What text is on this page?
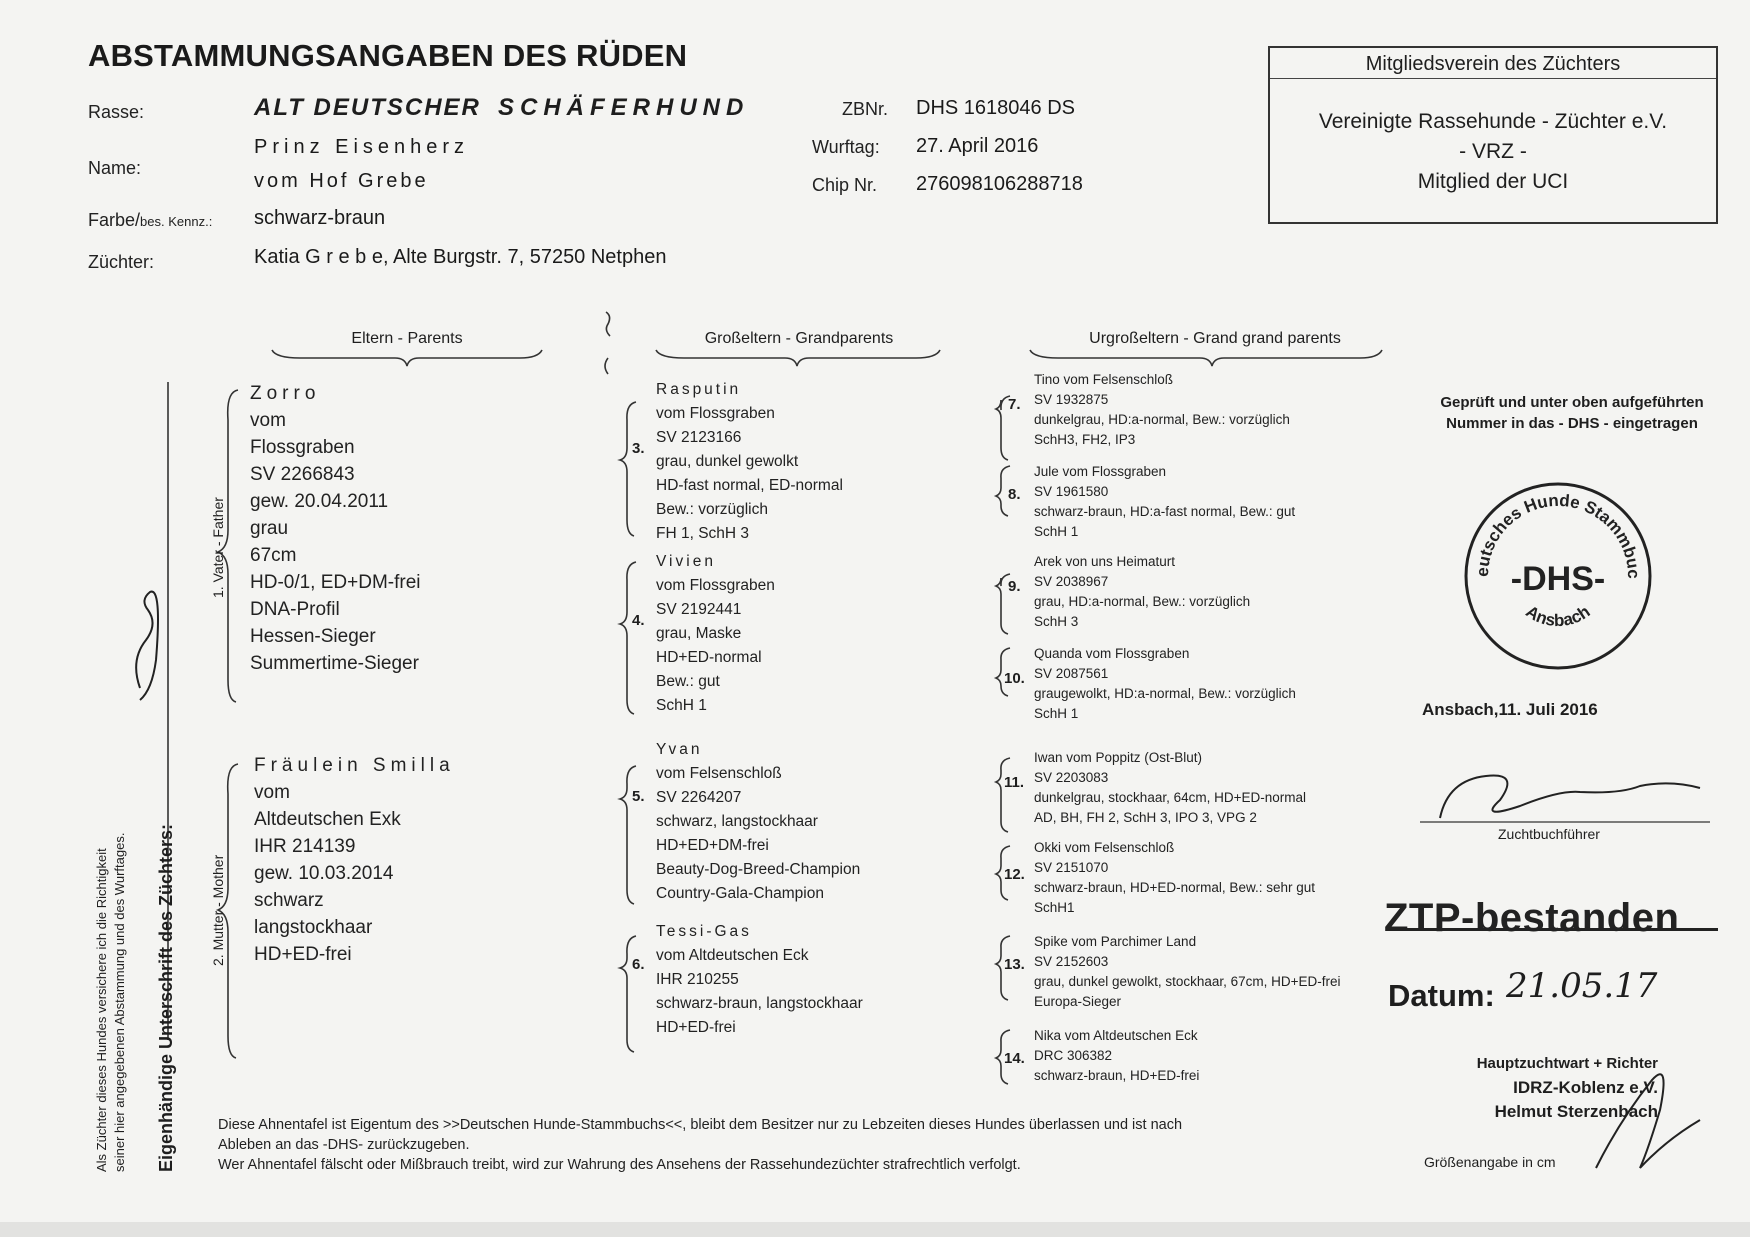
ABSTAMMUNGSANGABEN DES RÜDEN
Rasse:	ALT DEUTSCHER SCHÄFERHUND
Name:
Prinz Eisenherz
vom Hof Grebe
Farbe/bes. Kennz.: schwarz-braun
Züchter:	Katia G r e b e, Alte Burgstr. 7, 57250 Netphen
ZBNr. DHS 1618046 DS
Wurftag: 27. April 2016
Chip Nr. 276098106288718
Mitgliedsverein des Züchters
Vereinigte Rassehunde - Züchter e.V.
- VRZ -
Mitglied der UCI
Eltern - Parents	Großeltern - Grandparents	Urgroßeltern - Grand grand parents
1. Vater - Father
2. Mutter - Mother
Eigenhändige Unterschrift des Züchters:
Als Züchter dieses Hundes versichere ich die Richtigkeit seiner hier angegebenen Abstammung und des Wurftages.
Zorro
vom
Flossgraben
SV 2266843
gew. 20.04.2011
grau
67cm
HD-0/1, ED+DM-frei
DNA-Profil
Hessen-Sieger
Summertime-Sieger
Fräulein Smilla
vom
Altdeutschen Exk
IHR 214139
gew. 10.03.2014
schwarz
langstockhaar
HD+ED-frei
3.
Rasputin
vom Flossgraben
SV 2123166
grau, dunkel gewolkt
HD-fast normal, ED-normal
Bew.: vorzüglich
FH 1, SchH 3
4.
Vivien
vom Flossgraben
SV 2192441
grau, Maske
HD+ED-normal
Bew.: gut
SchH 1
5.
Yvan
vom Felsenschloß
SV 2264207
schwarz, langstockhaar
HD+ED+DM-frei
Beauty-Dog-Breed-Champion
Country-Gala-Champion
6.
Tessi-Gas
vom Altdeutschen Eck
IHR 210255
schwarz-braun, langstockhaar
HD+ED-frei
7.
Tino vom Felsenschloß
SV 1932875
dunkelgrau, HD:a-normal, Bew.: vorzüglich
SchH3, FH2, IP3
8.
Jule vom Flossgraben
SV 1961580
schwarz-braun, HD:a-fast normal, Bew.: gut
SchH 1
9.
Arek von uns Heimaturt
SV 2038967
grau, HD:a-normal, Bew.: vorzüglich
SchH 3
10.
Quanda vom Flossgraben
SV 2087561
graugewolkt, HD:a-normal, Bew.: vorzüglich
SchH 1
11.
Iwan vom Poppitz (Ost-Blut)
SV 2203083
dunkelgrau, stockhaar, 64cm, HD+ED-normal
AD, BH, FH 2, SchH 3, IPO 3, VPG 2
12.
Okki vom Felsenschloß
SV 2151070
schwarz-braun, HD+ED-normal, Bew.: sehr gut
SchH1
13.
Spike vom Parchimer Land
SV 2152603
grau, dunkel gewolkt, stockhaar, 67cm, HD+ED-frei
Europa-Sieger
14.
Nika vom Altdeutschen Eck
DRC 306382
schwarz-braun, HD+ED-frei
Geprüft und unter oben aufgeführten
Nummer in das - DHS - eingetragen
eutsches Hunde Stammbuc
-DHS-
Ansbach
Ansbach,11. Juli 2016
Zuchtbuchführer
ZTP-bestanden
Datum: 21.05.17
Hauptzuchtwart + Richter
IDRZ-Koblenz e.V.
Helmut Sterzenbach
Größenangabe in cm
Diese Ahnentafel ist Eigentum des >>Deutschen Hunde-Stammbuchs<<, bleibt dem Besitzer nur zu Lebzeiten dieses Hundes überlassen und ist nach
Ableben an das -DHS- zurückzugeben.
Wer Ahnentafel fälscht oder Mißbrauch treibt, wird zur Wahrung des Ansehens der Rassehundezüchter strafrechtlich verfolgt.
